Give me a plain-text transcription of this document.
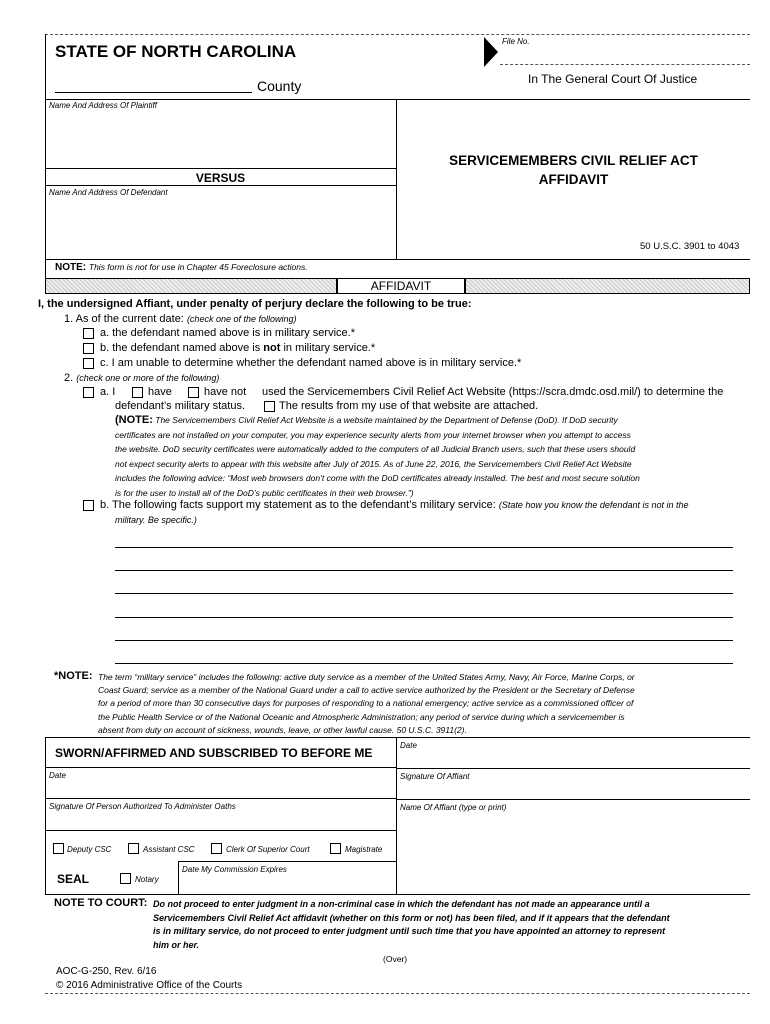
STATE OF NORTH CAROLINA
County
File No.
In The General Court Of Justice
Name And Address Of Plaintiff
VERSUS
Name And Address Of Defendant
SERVICEMEMBERS CIVIL RELIEF ACT
AFFIDAVIT
50 U.S.C. 3901 to 4043
NOTE: This form is not for use in Chapter 45 Foreclosure actions.
AFFIDAVIT
I, the undersigned Affiant, under penalty of perjury declare the following to be true:
1. As of the current date: (check one of the following)
a. the defendant named above is in military service.*
b. the defendant named above is not in military service.*
c. I am unable to determine whether the defendant named above is in military service.*
2. (check one or more of the following)
a. I	have	have not used the Servicemembers Civil Relief Act Website (https://scra.dmdc.osd.mil/) to determine the
defendant’s military status.	The results from my use of that website are attached.
(NOTE: The Servicemembers Civil Relief Act Website is a website maintained by the Department of Defense (DoD). If DoD security
certificates are not installed on your computer, you may experience security alerts from your internet browser when you attempt to access
the website. DoD security certificates were automatically added to the computers of all Judicial Branch users, such that these users should
not expect security alerts to appear with this website after July of 2015. As of June 22, 2016, the Servicemembers Civil Relief Act Website
includes the following advice: “Most web browsers don’t come with the DoD certificates already installed. The best and most secure solution
is for the user to install all of the DoD’s public certificates in their web browser.”)
b. The following facts support my statement as to the defendant’s military service: (State how you know the defendant is not in the
military. Be specific.)
*NOTE: The term “military service” includes the following: active duty service as a member of the United States Army, Navy, Air Force, Marine Corps, or
Coast Guard; service as a member of the National Guard under a call to active service authorized by the President or the Secretary of Defense
for a period of more than 30 consecutive days for purposes of responding to a national emergency; active service as a commissioned officer of
the Public Health Service or of the National Oceanic and Atmospheric Administration; any period of service during which a servicemember is
absent from duty on account of sickness, wounds, leave, or other lawful cause. 50 U.S.C. 3911(2).
SWORN/AFFIRMED AND SUBSCRIBED TO BEFORE ME
Date
Signature Of Person Authorized To Administer Oaths
Deputy CSC	Assistant CSC	Clerk Of Superior Court	Magistrate
SEAL	Notary
Date My Commission Expires
Date
Signature Of Affiant
Name Of Affiant (type or print)
NOTE TO COURT: Do not proceed to enter judgment in a non-criminal case in which the defendant has not made an appearance until a
Servicemembers Civil Relief Act affidavit (whether on this form or not) has been filed, and if it appears that the defendant
is in military service, do not proceed to enter judgment until such time that you have appointed an attorney to represent
him or her.
(Over)
AOC-G-250, Rev. 6/16
© 2016 Administrative Office of the Courts
